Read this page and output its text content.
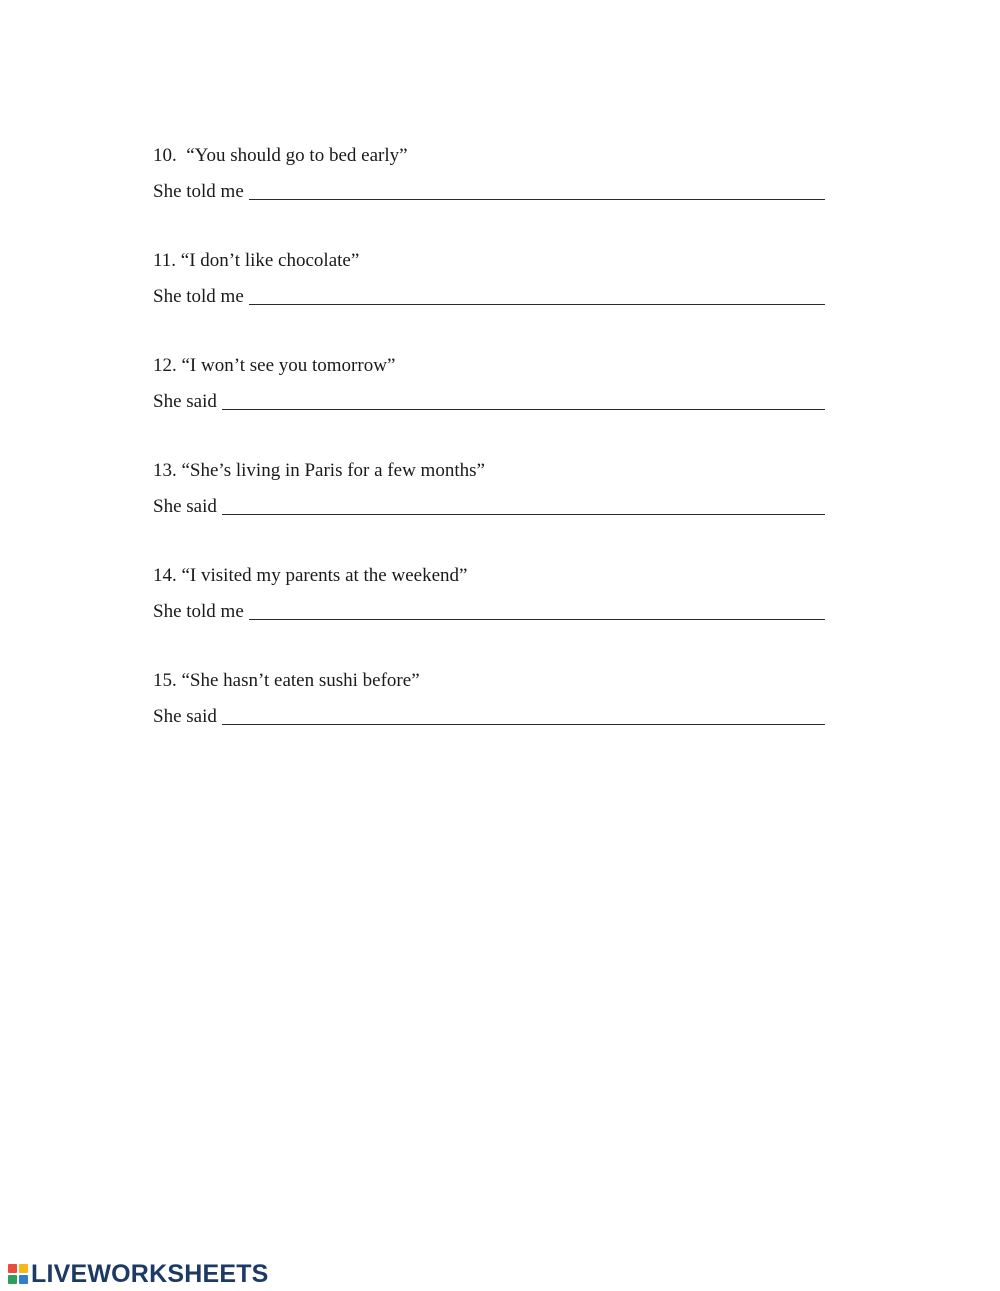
10. “You should go to bed early”
She told me
11. “I don’t like chocolate”
She told me
12. “I won’t see you tomorrow”
She said
13. “She’s living in Paris for a few months”
She said
14. “I visited my parents at the weekend”
She told me
15. “She hasn’t eaten sushi before”
She said
LIVEWORKSHEETS
